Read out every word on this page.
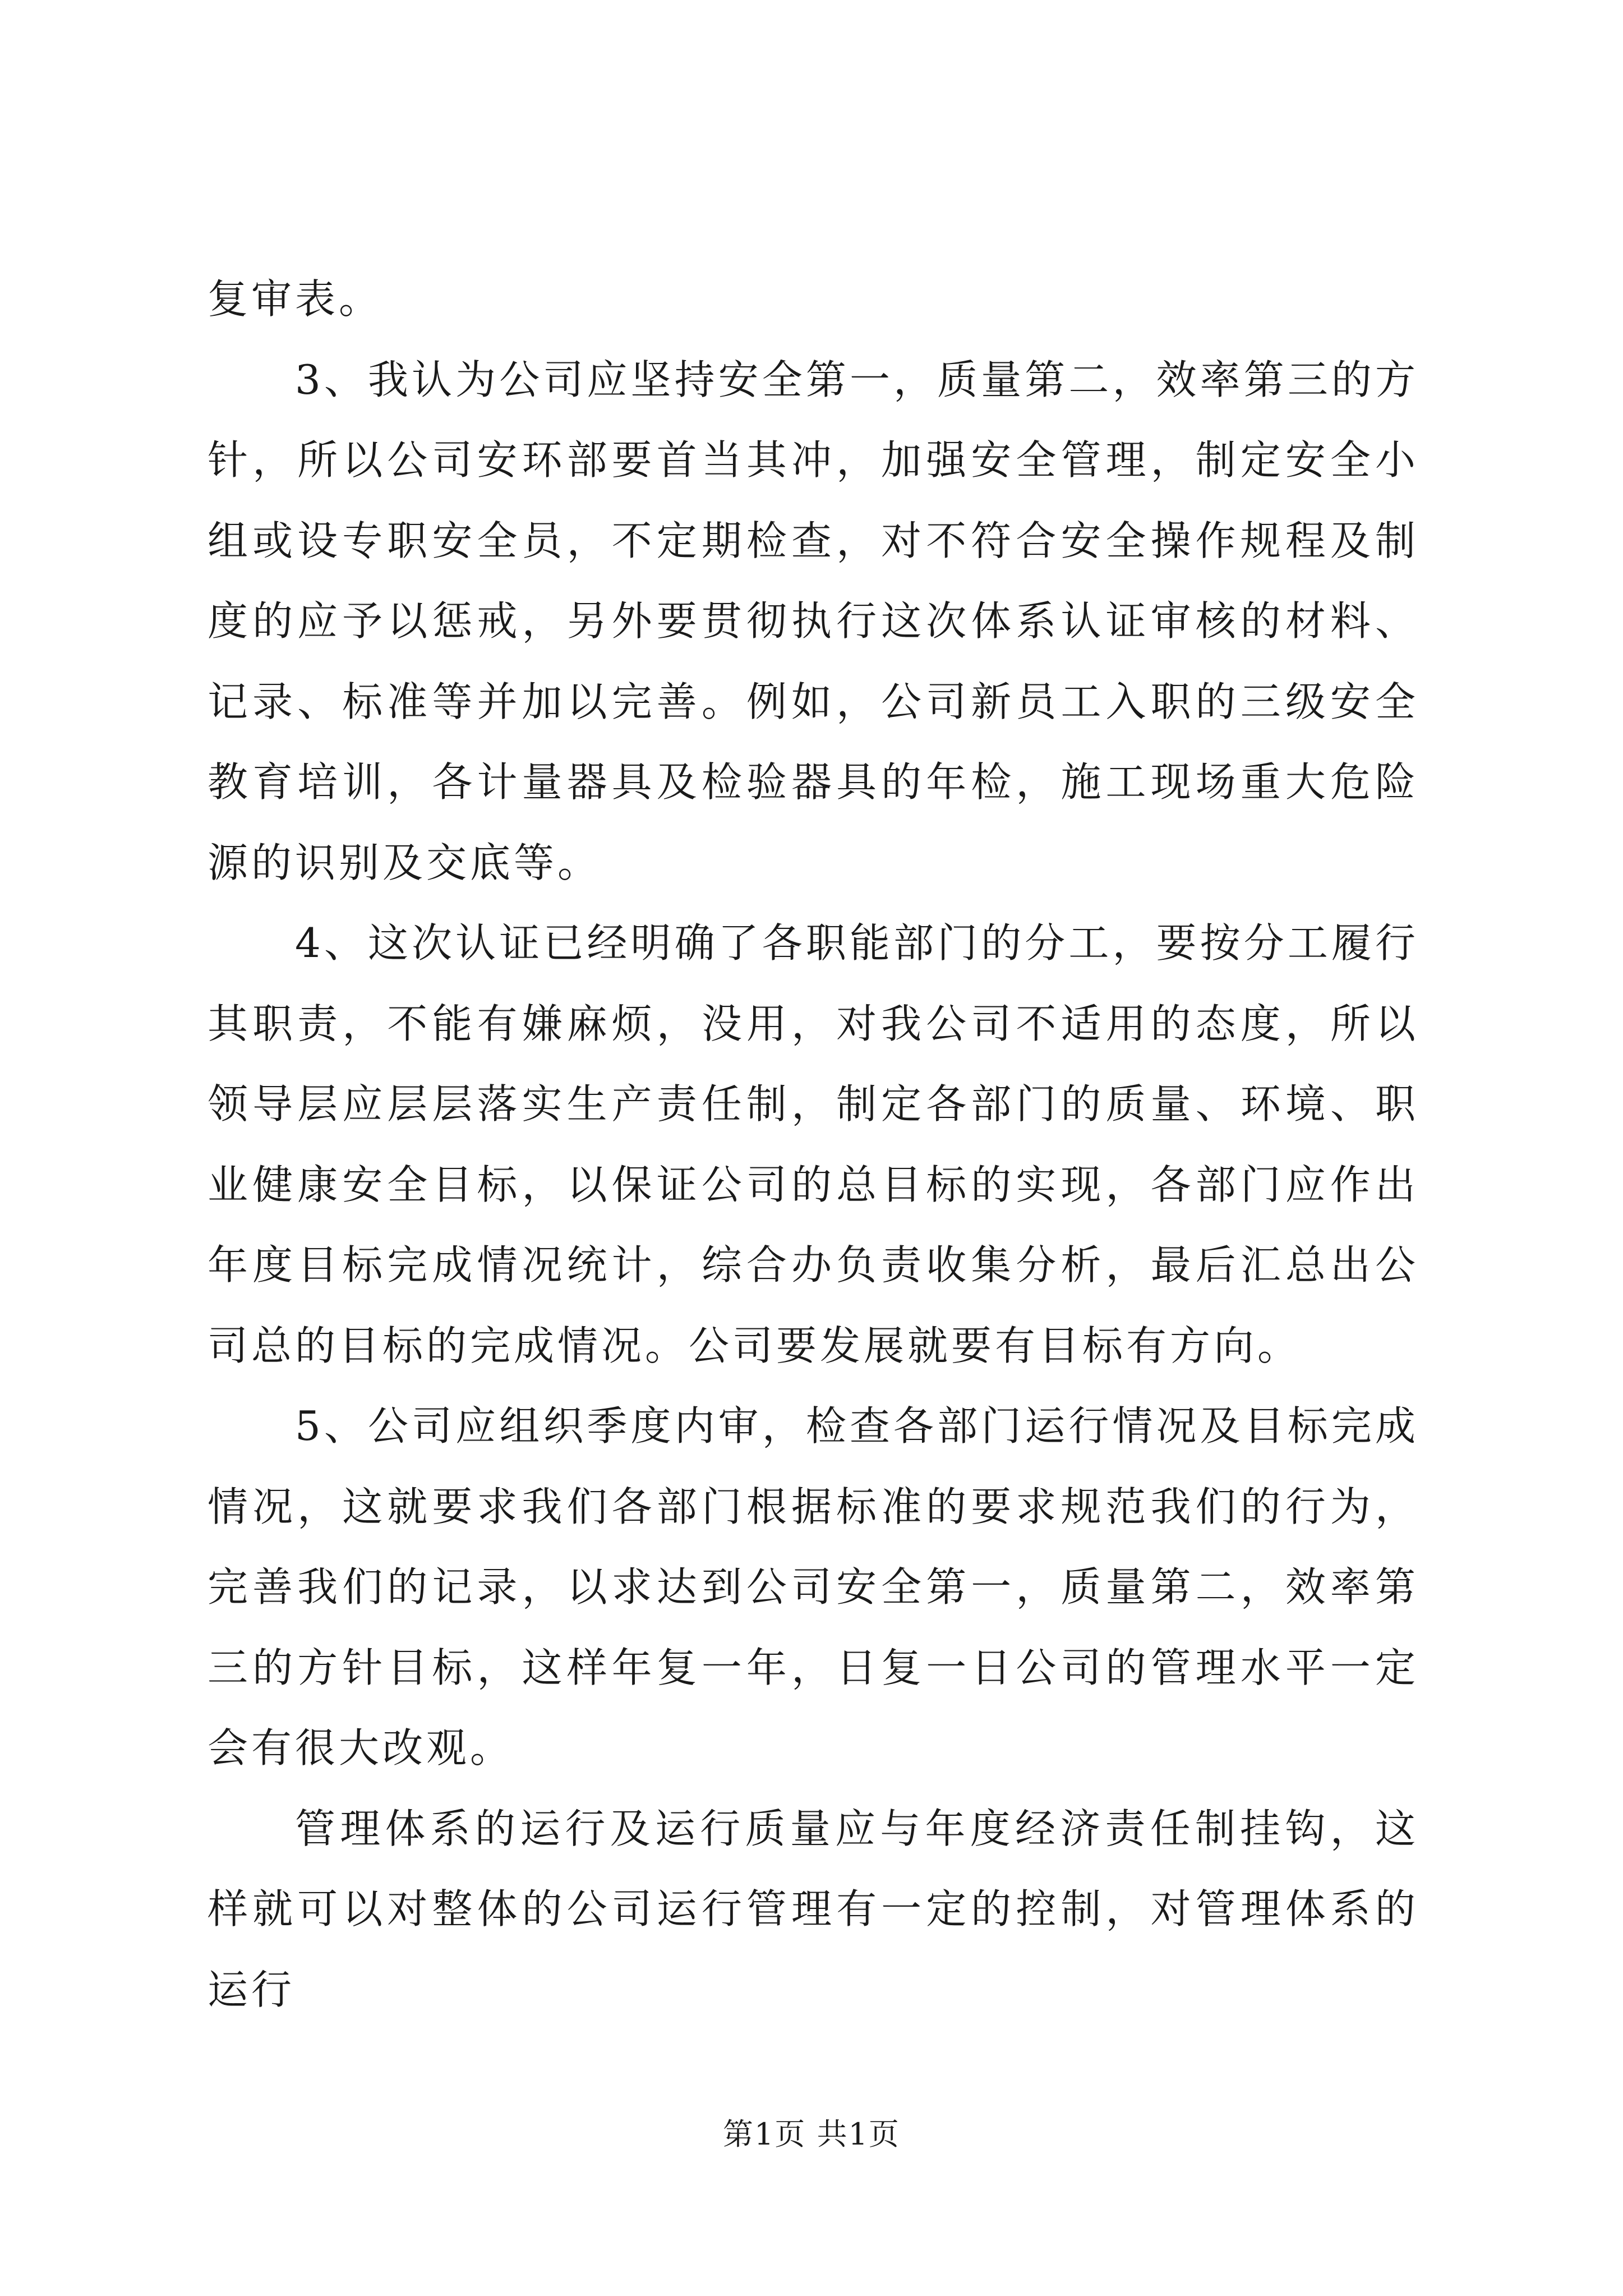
复审表。

3、我认为公司应坚持安全第一，质量第二，效率第三的方针，所以公司安环部要首当其冲，加强安全管理，制定安全小组或设专职安全员，不定期检查，对不符合安全操作规程及制度的应予以惩戒，另外要贯彻执行这次体系认证审核的材料、记录、标准等并加以完善。例如，公司新员工入职的三级安全教育培训，各计量器具及检验器具的年检，施工现场重大危险源的识别及交底等。

4、这次认证已经明确了各职能部门的分工，要按分工履行其职责，不能有嫌麻烦，没用，对我公司不适用的态度，所以领导层应层层落实生产责任制，制定各部门的质量、环境、职业健康安全目标，以保证公司的总目标的实现，各部门应作出年度目标完成情况统计，综合办负责收集分析，最后汇总出公司总的目标的完成情况。公司要发展就要有目标有方向。

5、公司应组织季度内审，检查各部门运行情况及目标完成情况，这就要求我们各部门根据标准的要求规范我们的行为，完善我们的记录，以求达到公司安全第一，质量第二，效率第三的方针目标，这样年复一年，日复一日公司的管理水平一定会有很大改观。

管理体系的运行及运行质量应与年度经济责任制挂钩，这样就可以对整体的公司运行管理有一定的控制，对管理体系的运行

第1页 共1页
